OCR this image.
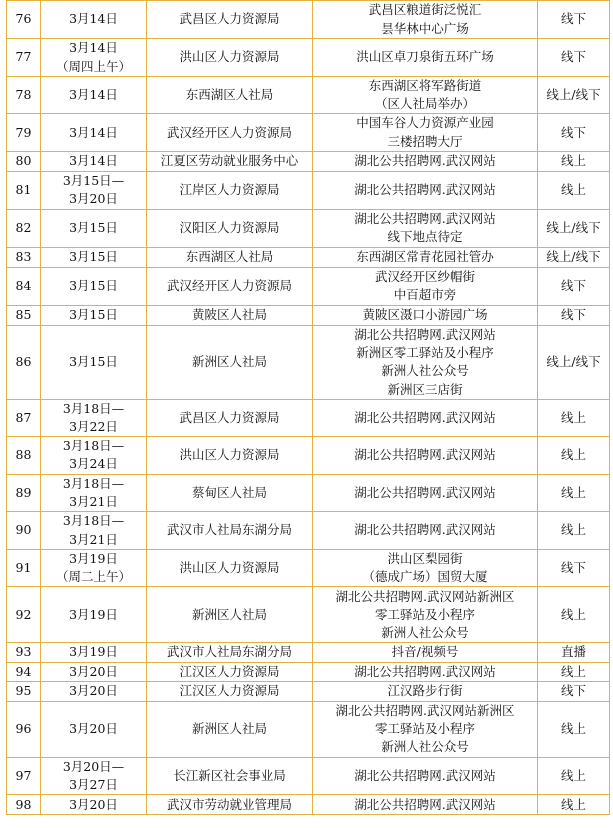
76	3月14日	武昌区人力资源局	武昌区粮道街泛悦汇
昙华林中心广场	线下
77	3月14日
（周四上午）	洪山区人力资源局	洪山区卓刀泉街五环广场	线下
78	3月14日	东西湖区人社局	东西湖区将军路街道
（区人社局举办）	线上/线下
79	3月14日	武汉经开区人力资源局	中国车谷人力资源产业园
三楼招聘大厅	线下
80	3月14日	江夏区劳动就业服务中心	湖北公共招聘网.武汉网站	线上
81	3月15日—
3月20日	江岸区人力资源局	湖北公共招聘网.武汉网站	线上
82	3月15日	汉阳区人力资源局	湖北公共招聘网.武汉网站
线下地点待定	线上/线下
83	3月15日	东西湖区人社局	东西湖区常青花园社管办	线上/线下
84	3月15日	武汉经开区人力资源局	武汉经开区纱帽街
中百超市旁	线下
85	3月15日	黄陂区人社局	黄陂区滠口小游园广场	线下
86	3月15日	新洲区人社局	湖北公共招聘网.武汉网站
新洲区零工驿站及小程序
新洲人社公众号
新洲区三店街	线上/线下
87	3月18日—
3月22日	武昌区人力资源局	湖北公共招聘网.武汉网站	线上
88	3月18日—
3月24日	洪山区人力资源局	湖北公共招聘网.武汉网站	线上
89	3月18日—
3月21日	蔡甸区人社局	湖北公共招聘网.武汉网站	线上
90	3月18日—
3月21日	武汉市人社局东湖分局	湖北公共招聘网.武汉网站	线上
91	3月19日
（周二上午）	洪山区人力资源局	洪山区梨园街
（德成广场）国贸大厦	线下
92	3月19日	新洲区人社局	湖北公共招聘网.武汉网站新洲区
零工驿站及小程序
新洲人社公众号	线上
93	3月19日	武汉市人社局东湖分局	抖音/视频号	直播
94	3月20日	江汉区人力资源局	湖北公共招聘网.武汉网站	线上
95	3月20日	江汉区人力资源局	江汉路步行街	线下
96	3月20日	新洲区人社局	湖北公共招聘网.武汉网站新洲区
零工驿站及小程序
新洲人社公众号	线上
97	3月20日—
3月27日	长江新区社会事业局	湖北公共招聘网.武汉网站	线上
98	3月20日	武汉市劳动就业管理局	湖北公共招聘网.武汉网站	线上
